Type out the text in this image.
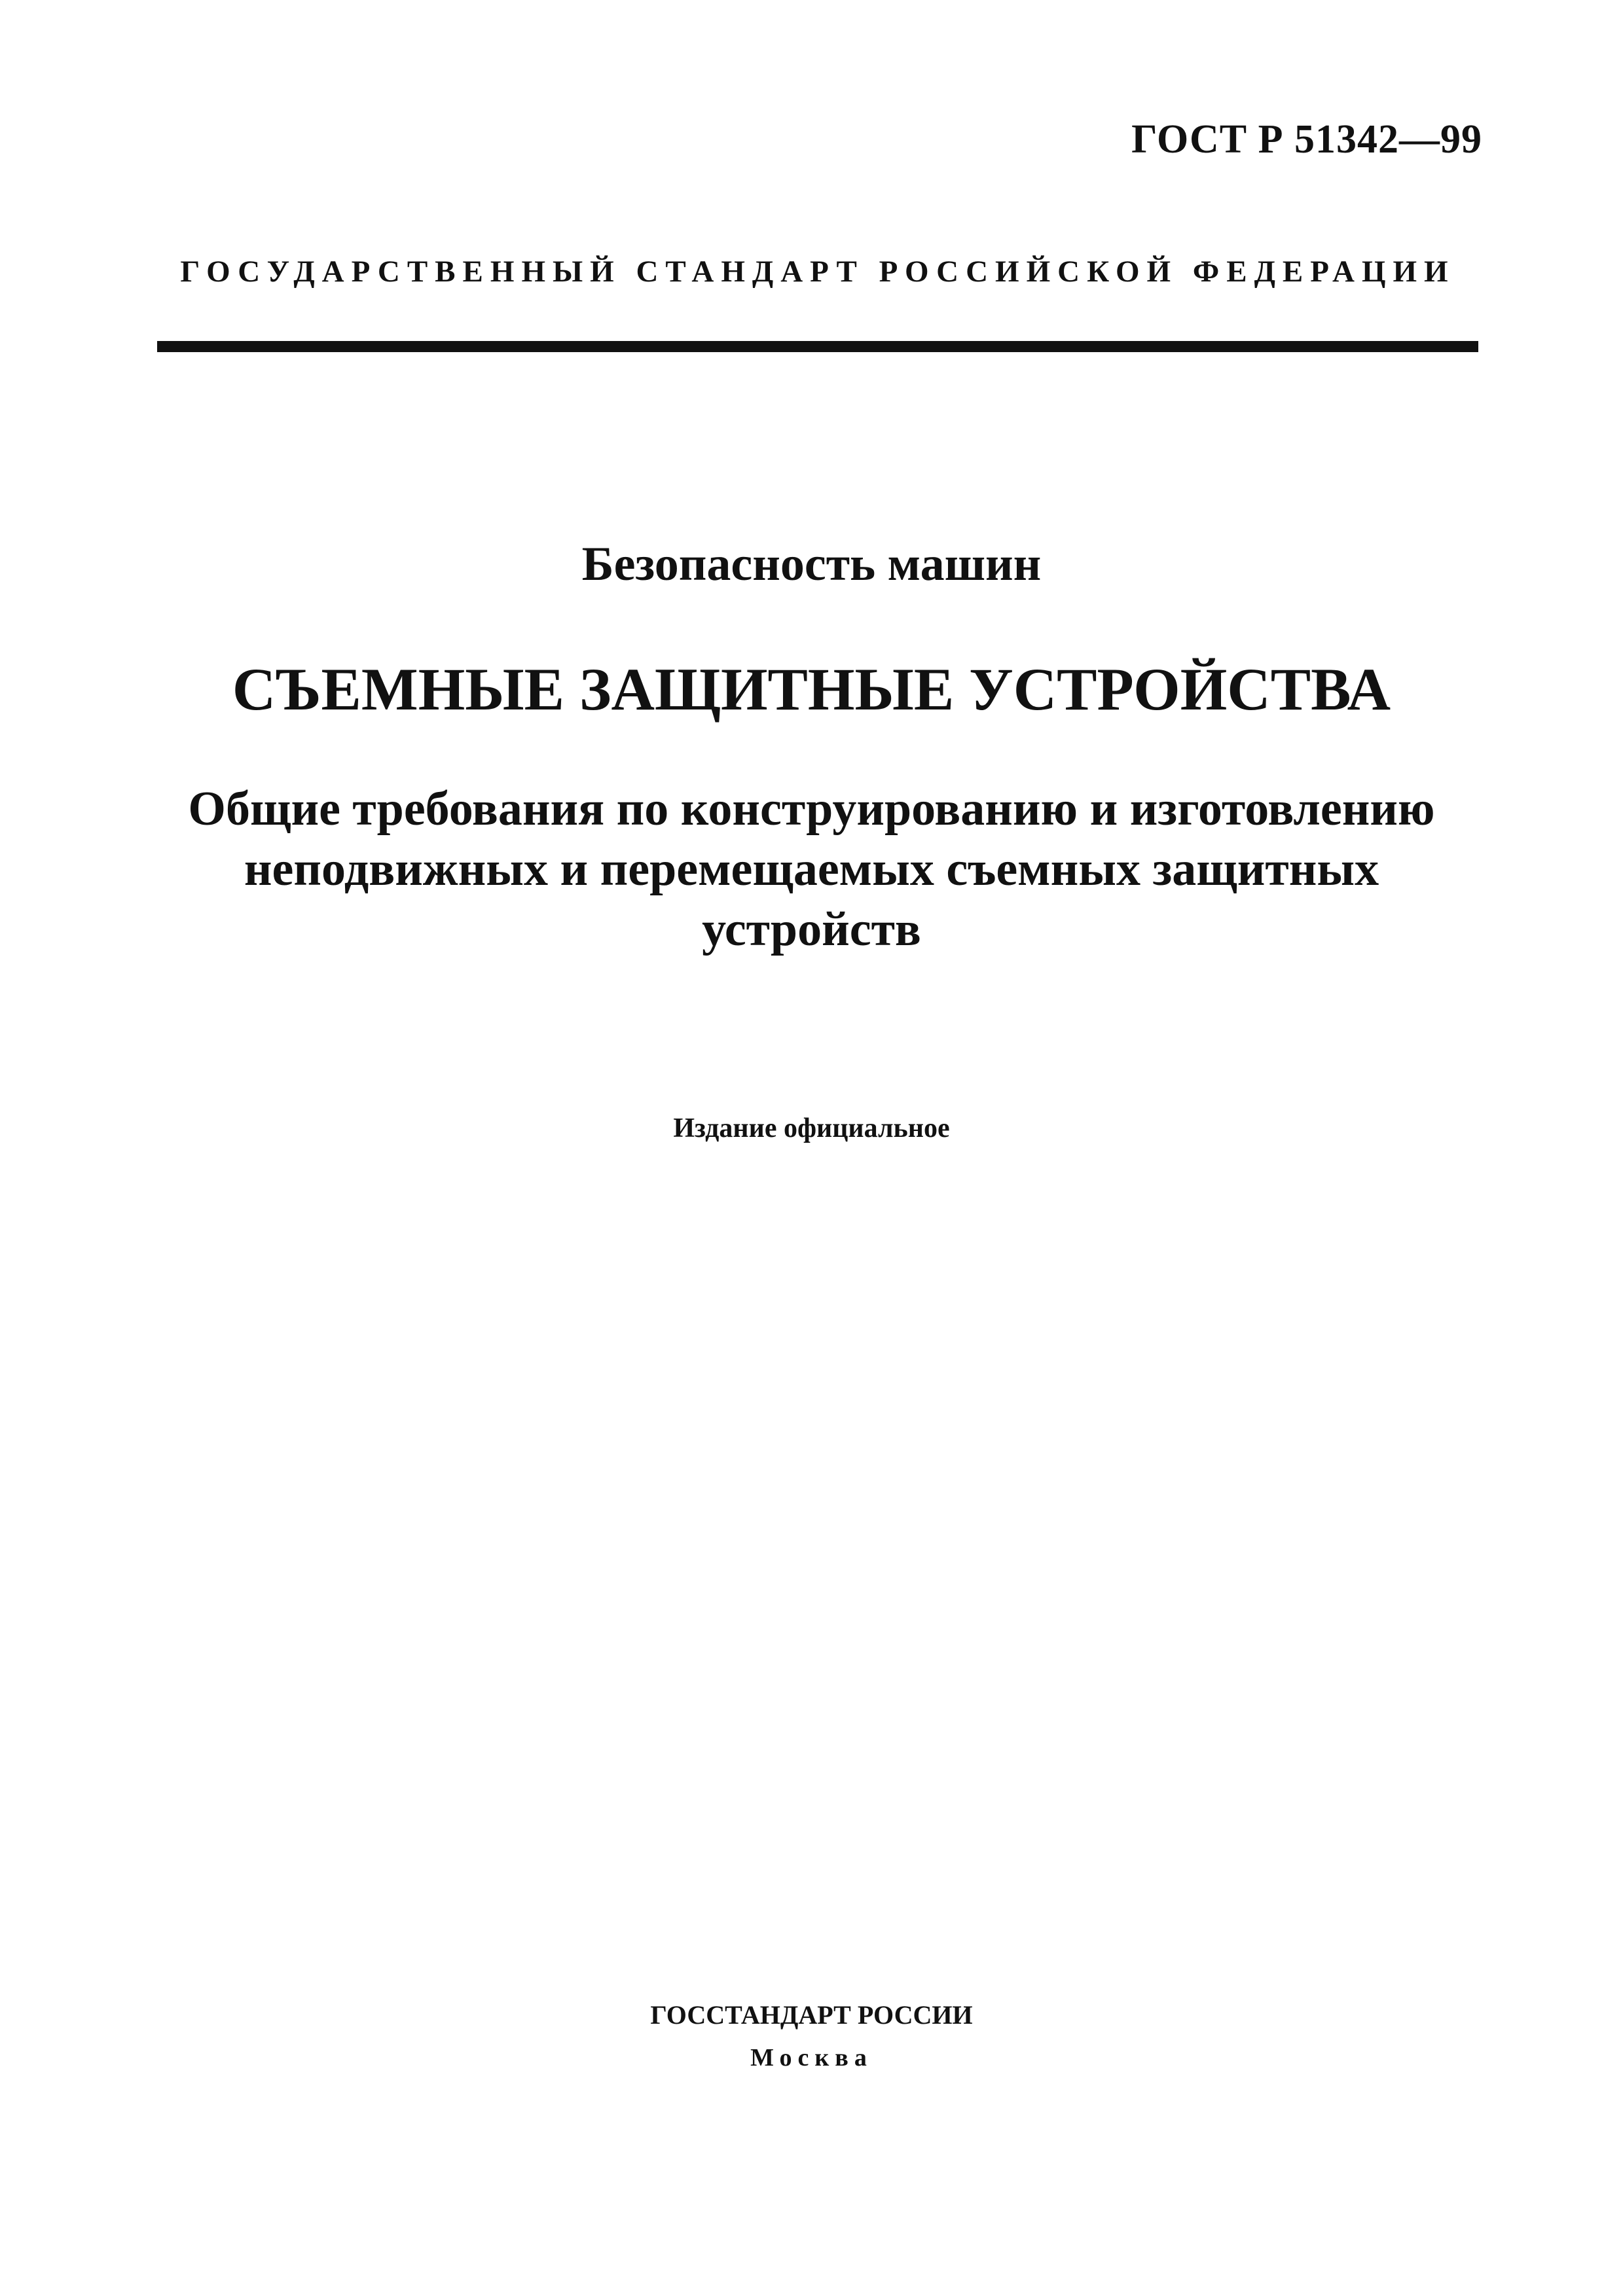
ГОСТ Р 51342—99
ГОСУДАРСТВЕННЫЙ СТАНДАРТ РОССИЙСКОЙ ФЕДЕРАЦИИ
Безопасность машин
СЪЕМНЫЕ ЗАЩИТНЫЕ УСТРОЙСТВА
Общие требования по конструированию и изготовлению
неподвижных и перемещаемых съемных защитных
устройств
Издание официальное
ГОССТАНДАРТ РОССИИ
Москва
